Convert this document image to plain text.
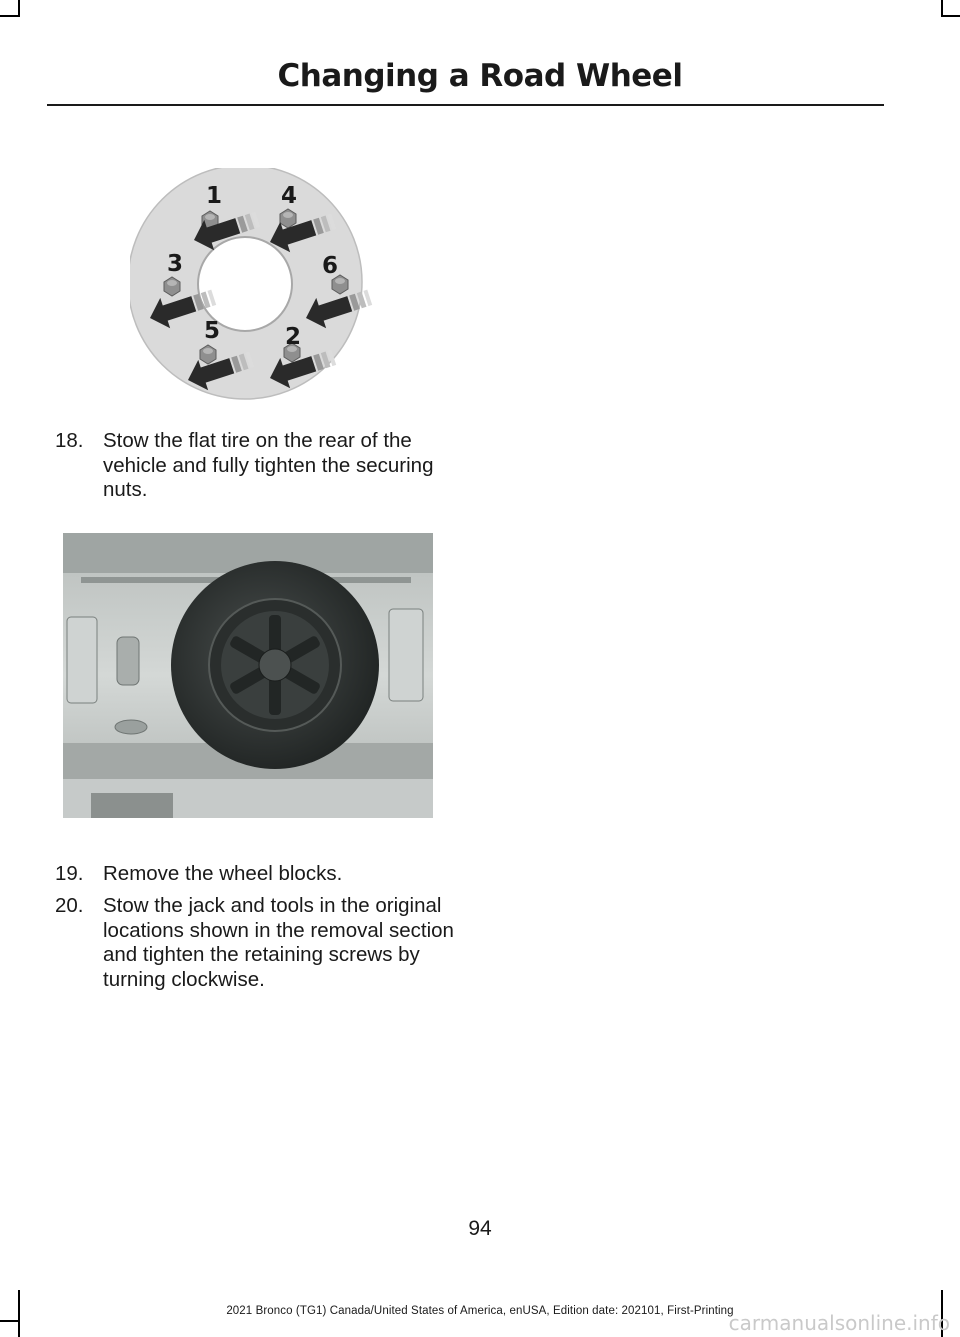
Changing a Road Wheel
1	4
3	6
5	2
18. Stow the flat tire on the rear of the vehicle and fully tighten the securing nuts.
19. Remove the wheel blocks.
20. Stow the jack and tools in the original locations shown in the removal section and tighten the retaining screws by turning clockwise.
94
2021 Bronco (TG1) Canada/United States of America, enUSA, Edition date: 202101, First-Printing
carmanualsonline.info
